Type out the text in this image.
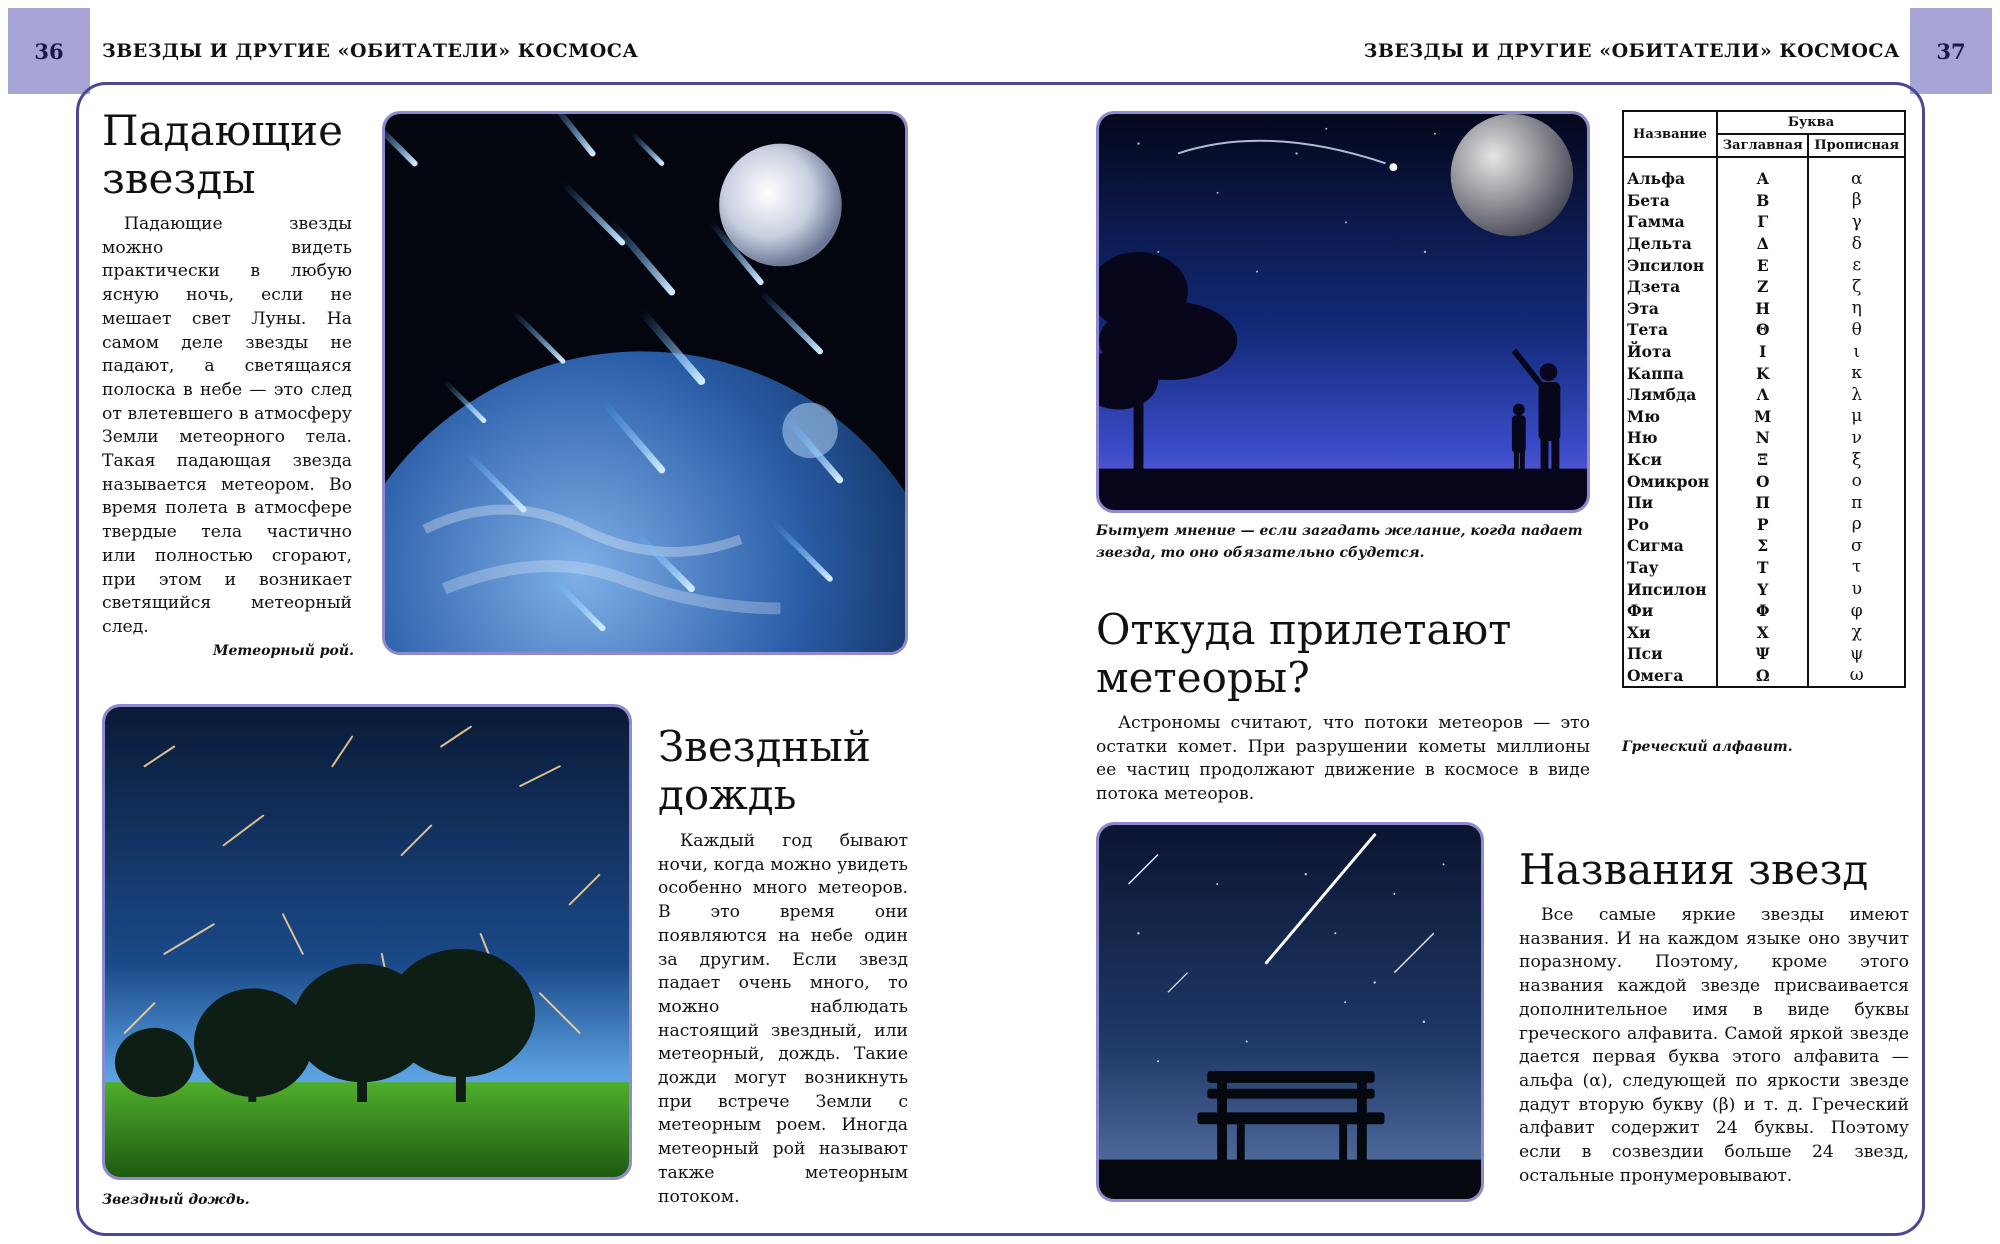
36	ЗВЕЗДЫ И ДРУГИЕ «ОБИТАТЕЛИ» КОСМОСА	ЗВЕЗДЫ И ДРУГИЕ «ОБИТАТЕЛИ» КОСМОСА	37
Падающие
звезды

Падающие звезды можно видеть практически в любую ясную ночь, если не мешает свет Луны. На самом деле звезды не падают, а светящаяся полоска в небе — это след от влетевшего в атмосферу Земли метеорного тела. Такая падающая звезда называется метеором. Во время полета в атмосфере твердые тела частично или полностью сгорают, при этом и возникает светящийся метеорный след.

Метеорный рой.

Звездный дождь.

Звездный
дождь

Каждый год бывают ночи, когда можно увидеть особенно много метеоров. В это время они появляются на небе один за другим. Если звезд падает очень много, то можно наблюдать настоящий звездный, или метеорный, дождь. Такие дожди могут возникнуть при встрече Земли с метеорным роем. Иногда метеорный рой называют также метеорным потоком.

Бытует мнение — если загадать желание, когда падает звезда, то оно обязательно сбудется.

Откуда прилетают
метеоры?

Астрономы считают, что потоки метеоров — это остатки комет. При разрушении кометы миллионы ее частиц продолжают движение в космосе в виде потока метеоров.

Названия звезд

Все самые яркие звезды имеют названия. И на каждом языке оно звучит поразному. Поэтому, кроме этого названия каждой звезде присваивается дополнительное имя в виде буквы греческого алфавита. Самой яркой звезде дается первая буква этого алфавита — альфа (α), следующей по яркости звезде дадут вторую букву (β) и т. д. Греческий алфавит содержит 24 буквы. Поэтому если в созвездии больше 24 звезд, остальные пронумеровывают.

Название	Буква	
	Заглавная	Прописная
Альфа	Α	α
Бета	Β	β
Гамма	Γ	γ
Дельта	Δ	δ
Эпсилон	Ε	ε
Дзета	Ζ	ζ
Эта	Η	η
Тета	Θ	θ
Йота	Ι	ι
Каппа	Κ	κ
Лямбда	Λ	λ
Мю	Μ	μ
Ню	Ν	ν
Кси	Ξ	ξ
Омикрон	Ο	ο
Пи	Π	π
Ро	Ρ	ρ
Сигма	Σ	σ
Тау	Τ	τ
Ипсилон	Υ	υ
Фи	Φ	φ
Хи	Χ	χ
Пси	Ψ	ψ
Омега	Ω	ω

Греческий алфавит.
